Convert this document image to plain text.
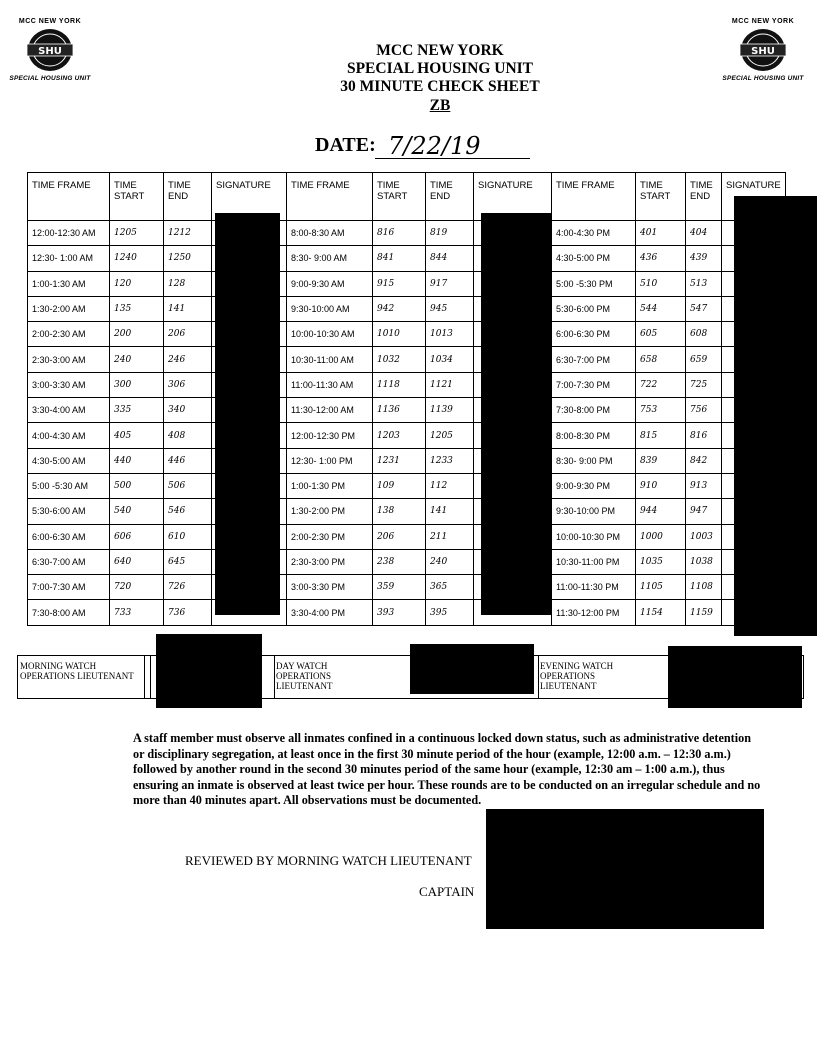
MCC NEW YORK
SHU
SPECIAL HOUSING UNIT
MCC NEW YORK
SHU
SPECIAL HOUSING UNIT
MCC NEW YORK
SPECIAL HOUSING UNIT
30 MINUTE CHECK SHEET
ZB
DATE: 7/22/19
TIME FRAME	TIME START	TIME END	SIGNATURE	TIME FRAME	TIME START	TIME END	SIGNATURE	TIME FRAME	TIME START	TIME END	SIGNATURE
12:00-12:30 AM	1205	1212		8:00-8:30 AM	816	819		4:00-4:30 PM	401	404	
12:30- 1:00 AM	1240	1250		8:30- 9:00 AM	841	844		4:30-5:00 PM	436	439	
1:00-1:30 AM	120	128		9:00-9:30 AM	915	917		5:00 -5:30 PM	510	513	
1:30-2:00 AM	135	141		9:30-10:00 AM	942	945		5:30-6:00 PM	544	547	
2:00-2:30 AM	200	206		10:00-10:30 AM	1010	1013		6:00-6:30 PM	605	608	
2:30-3:00 AM	240	246		10:30-11:00 AM	1032	1034		6:30-7:00 PM	658	659	
3:00-3:30 AM	300	306		11:00-11:30 AM	1118	1121		7:00-7:30 PM	722	725	
3:30-4:00 AM	335	340		11:30-12:00 AM	1136	1139		7:30-8:00 PM	753	756	
4:00-4:30 AM	405	408		12:00-12:30 PM	1203	1205		8:00-8:30 PM	815	816	
4:30-5:00 AM	440	446		12:30- 1:00 PM	1231	1233		8:30- 9:00 PM	839	842	
5:00 -5:30 AM	500	506		1:00-1:30 PM	109	112		9:00-9:30 PM	910	913	
5:30-6:00 AM	540	546		1:30-2:00 PM	138	141		9:30-10:00 PM	944	947	
6:00-6:30 AM	606	610		2:00-2:30 PM	206	211		10:00-10:30 PM	1000	1003	
6:30-7:00 AM	640	645		2:30-3:00 PM	238	240		10:30-11:00 PM	1035	1038	
7:00-7:30 AM	720	726		3:00-3:30 PM	359	365		11:00-11:30 PM	1105	1108	
7:30-8:00 AM	733	736		3:30-4:00 PM	393	395		11:30-12:00 PM	1154	1159	
MORNING WATCH OPERATIONS LIEUTENANT
DAY WATCH OPERATIONS LIEUTENANT
EVENING WATCH OPERATIONS LIEUTENANT
A staff member must observe all inmates confined in a continuous locked down status, such as administrative detention or disciplinary segregation, at least once in the first 30 minute period of the hour (example, 12:00 a.m. – 12:30 a.m.) followed by another round in the second 30 minutes period of the same hour (example, 12:30 am – 1:00 a.m.), thus ensuring an inmate is observed at least twice per hour. These rounds are to be conducted on an irregular schedule and no more than 40 minutes apart. All observations must be documented.
REVIEWED BY MORNING WATCH LIEUTENANT
CAPTAIN
